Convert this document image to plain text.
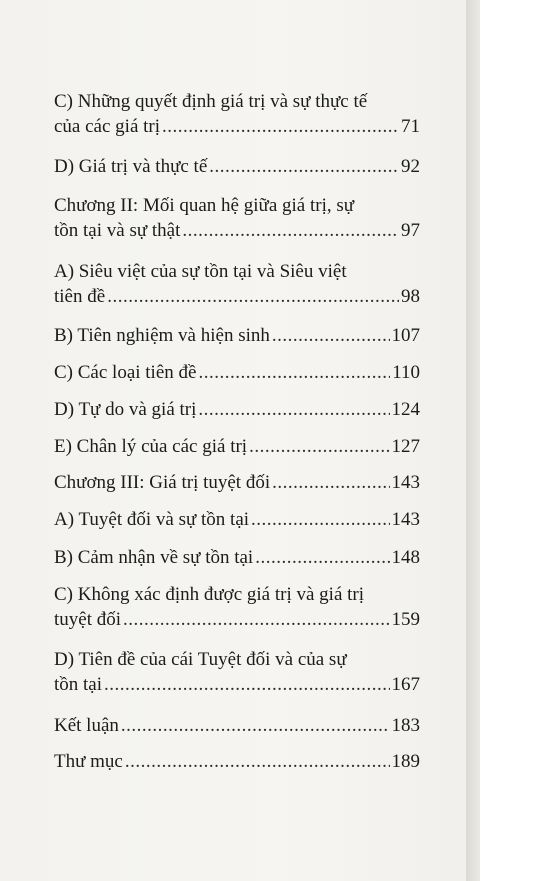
C) Những quyết định giá trị và sự thực tế
của các giá trị .....	71
D) Giá trị và thực tế .....	92
Chương II: Mối quan hệ giữa giá trị, sự
tồn tại và sự thật .....	97
A) Siêu việt của sự tồn tại và Siêu việt
tiên đề .....	98
B) Tiên nghiệm và hiện sinh .....	107
C) Các loại tiên đề .....	110
D) Tự do và giá trị .....	124
E) Chân lý của các giá trị .....	127
Chương III: Giá trị tuyệt đối .....	143
A) Tuyệt đối và sự tồn tại .....	143
B) Cảm nhận về sự tồn tại .....	148
C) Không xác định được giá trị và giá trị
tuyệt đối .....	159
D) Tiên đề của cái Tuyệt đối và của sự
tồn tại .....	167
Kết luận .....	183
Thư mục .....	189
